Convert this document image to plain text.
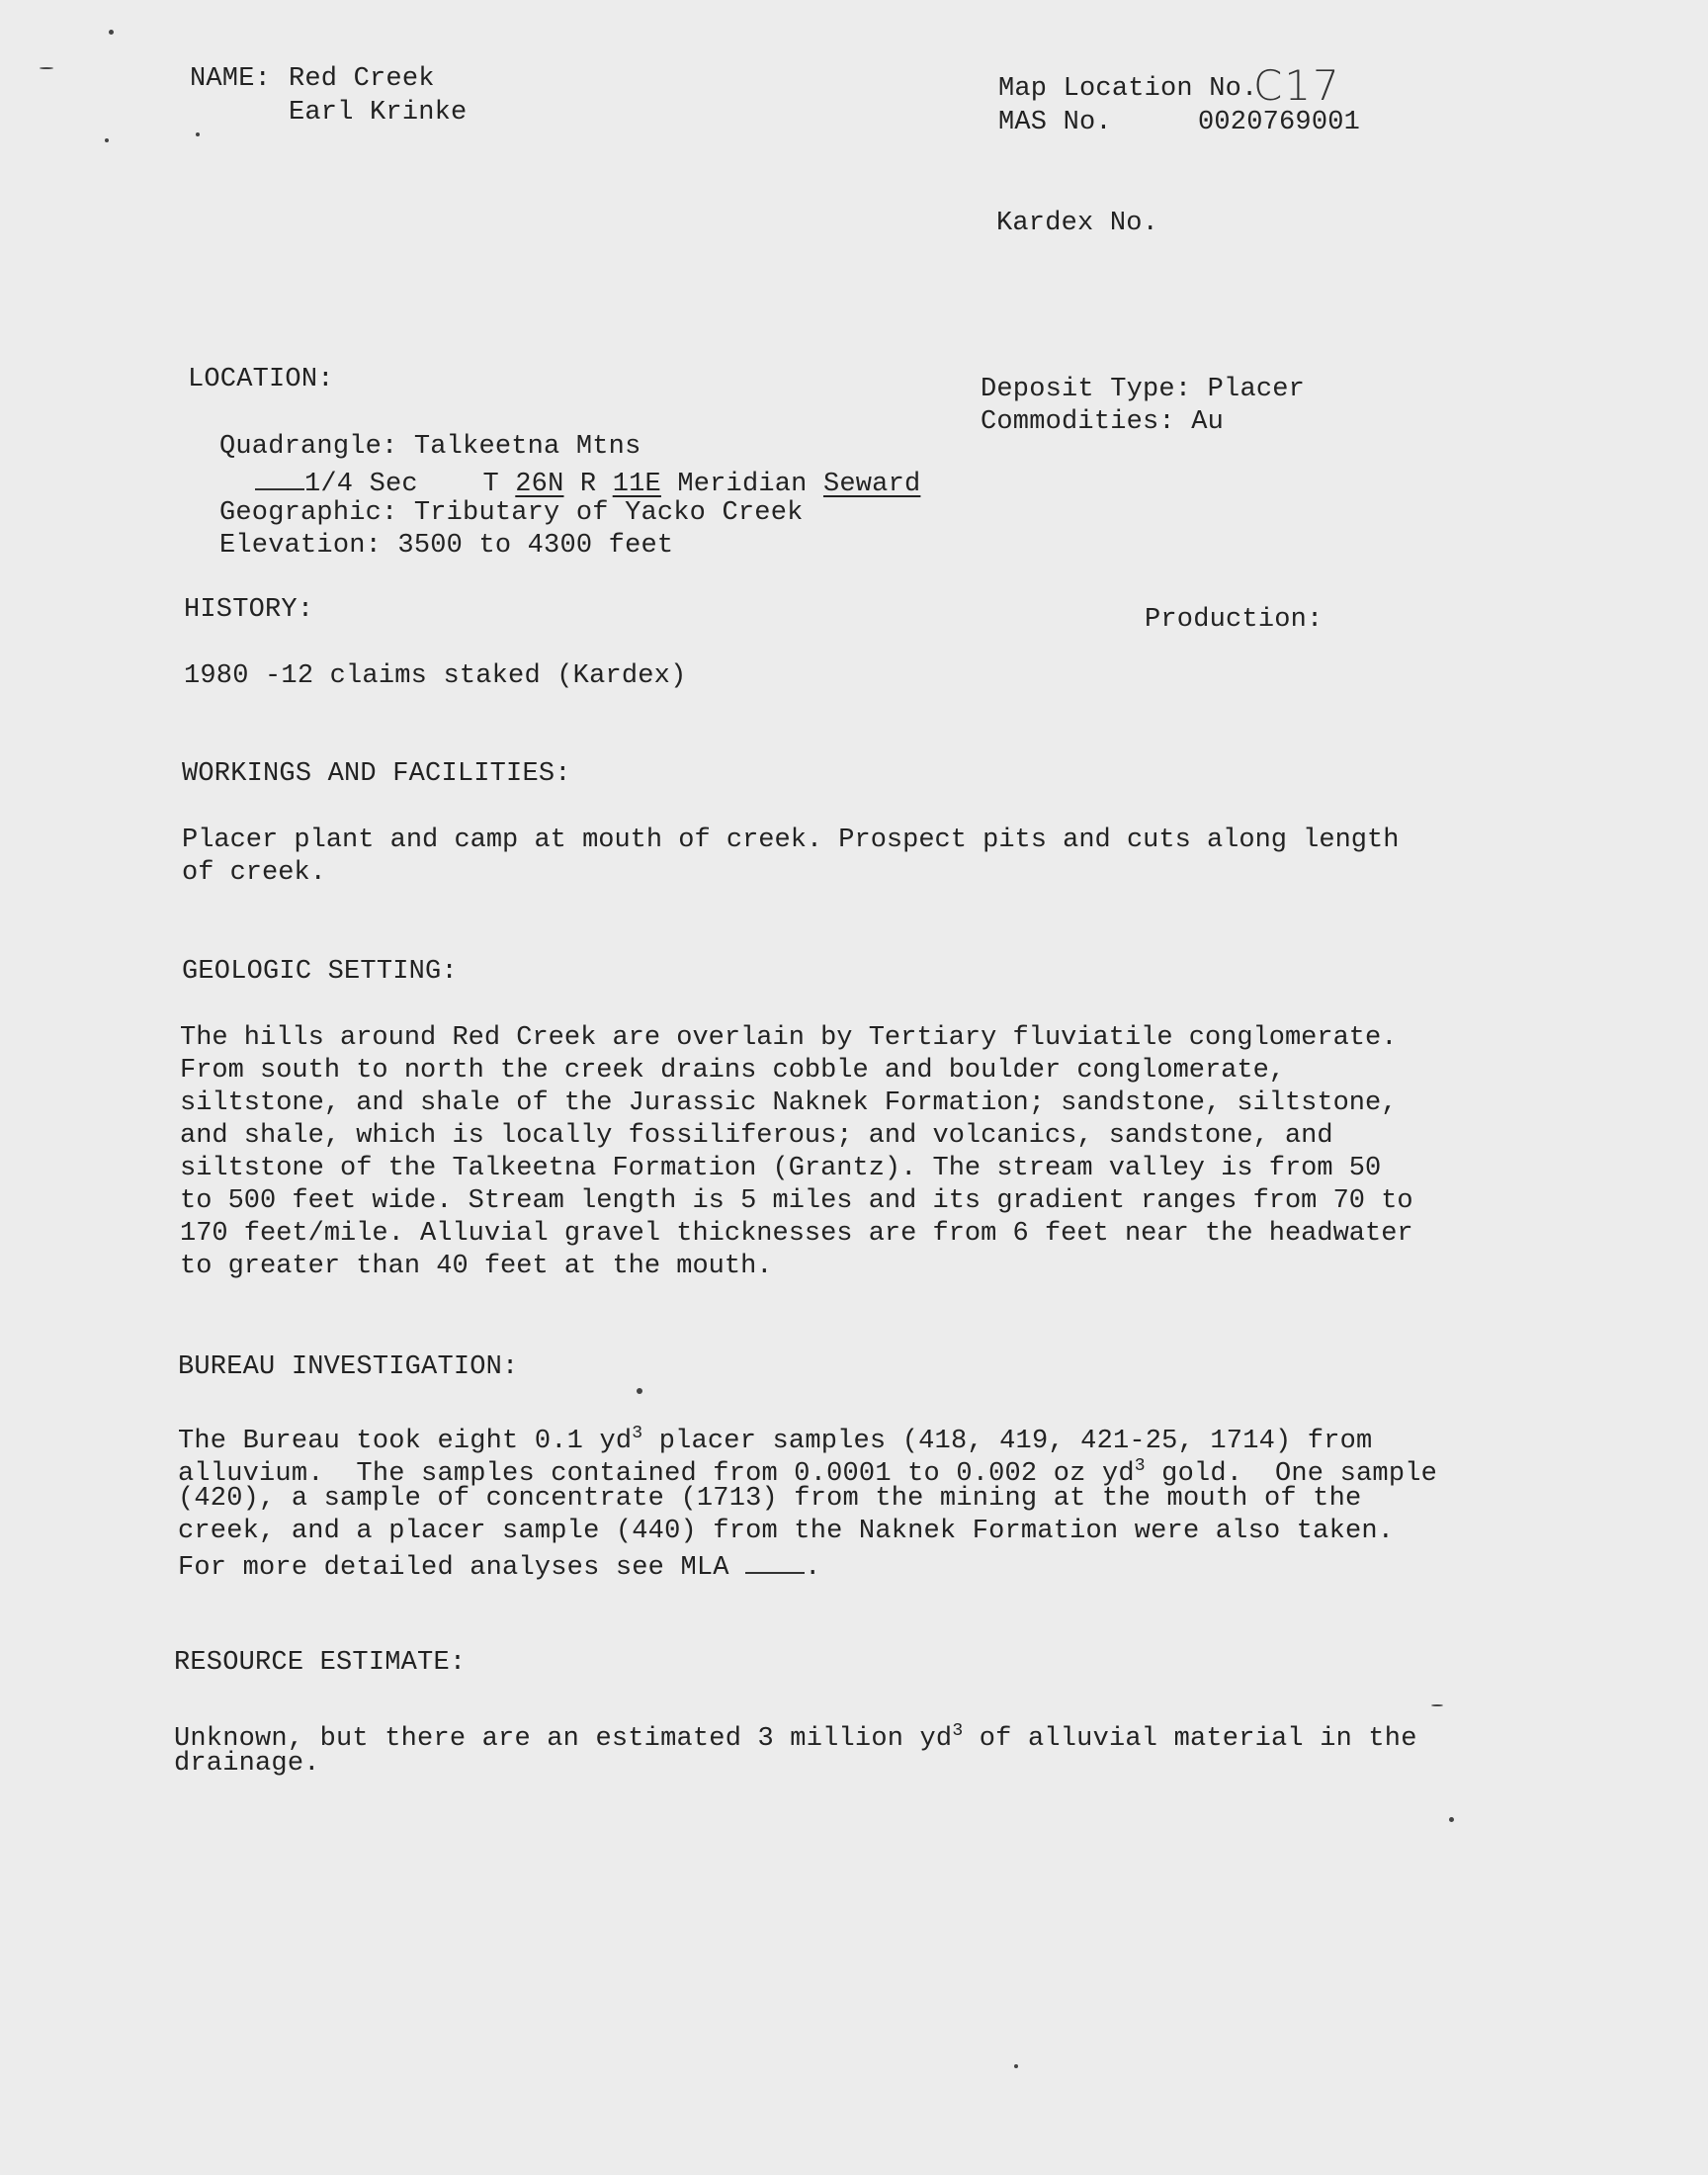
NAME: Red Creek
Earl Krinke
Map Location No.
C17
MAS No.	0020769001
Kardex No.
LOCATION:	Deposit Type: Placer
Commodities: Au
Quadrangle: Talkeetna Mtns
1/4 Sec T 26N R 11E Meridian Seward
Geographic: Tributary of Yacko Creek
Elevation: 3500 to 4300 feet
HISTORY:	Production:
1980 -12 claims staked (Kardex)
WORKINGS AND FACILITIES:
Placer plant and camp at mouth of creek. Prospect pits and cuts along length
of creek.
GEOLOGIC SETTING:
The hills around Red Creek are overlain by Tertiary fluviatile conglomerate.
From south to north the creek drains cobble and boulder conglomerate,
siltstone, and shale of the Jurassic Naknek Formation; sandstone, siltstone,
and shale, which is locally fossiliferous; and volcanics, sandstone, and
siltstone of the Talkeetna Formation (Grantz). The stream valley is from 50
to 500 feet wide. Stream length is 5 miles and its gradient ranges from 70 to
170 feet/mile. Alluvial gravel thicknesses are from 6 feet near the headwater
to greater than 40 feet at the mouth.
BUREAU INVESTIGATION:
The Bureau took eight 0.1 $yd^3$ placer samples (418, 419, 421-25, 1714) from
alluvium.  The samples contained from 0.0001 to 0.002 oz $yd^3$ gold.  One sample
(420), a sample of concentrate (1713) from the mining at the mouth of the
creek, and a placer sample (440) from the Naknek Formation were also taken.
For more detailed analyses see MLA .
RESOURCE ESTIMATE:
Unknown, but there are an estimated 3 million $yd^3$ of alluvial material in the
drainage.
